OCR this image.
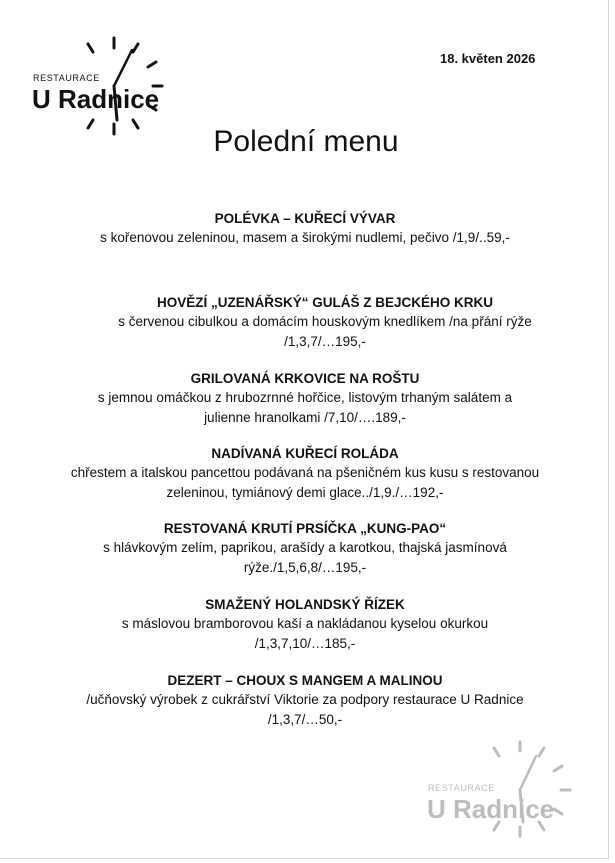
RESTAURACE
U Radnice
18. květen 2026
Polední menu
POLÉVKA – KUŘECÍ VÝVAR
s kořenovou zeleninou, masem a širokými nudlemi, pečivo /1,9/..59,-
HOVĚZÍ „UZENÁŘSKÝ“ GULÁŠ Z BEJCKÉHO KRKU
s červenou cibulkou a domácím houskovým knedlíkem /na přání rýže
/1,3,7/…195,-
GRILOVANÁ KRKOVICE NA ROŠTU
s jemnou omáčkou z hrubozrnné hořčice, listovým trhaným salátem a
julienne hranolkami /7,10/….189,-
NADÍVANÁ KUŘECÍ ROLÁDA
chřestem a italskou pancettou podávaná na pšeničném kus kusu s restovanou
zeleninou, tymiánový demi glace../1,9./…192,-
RESTOVANÁ KRUTÍ PRSÍČKA „KUNG-PAO“
s hlávkovým zelím, paprikou, arašídy a karotkou, thajská jasmínová
rýže./1,5,6,8/…195,-
SMAŽENÝ HOLANDSKÝ ŘÍZEK
s máslovou bramborovou kaší a nakládanou kyselou okurkou
/1,3,7,10/…185,-
DEZERT – CHOUX S MANGEM A MALINOU
/učňovský výrobek z cukrářství Viktorie za podpory restaurace U Radnice
/1,3,7/…50,-
RESTAURACE
U Radnice
